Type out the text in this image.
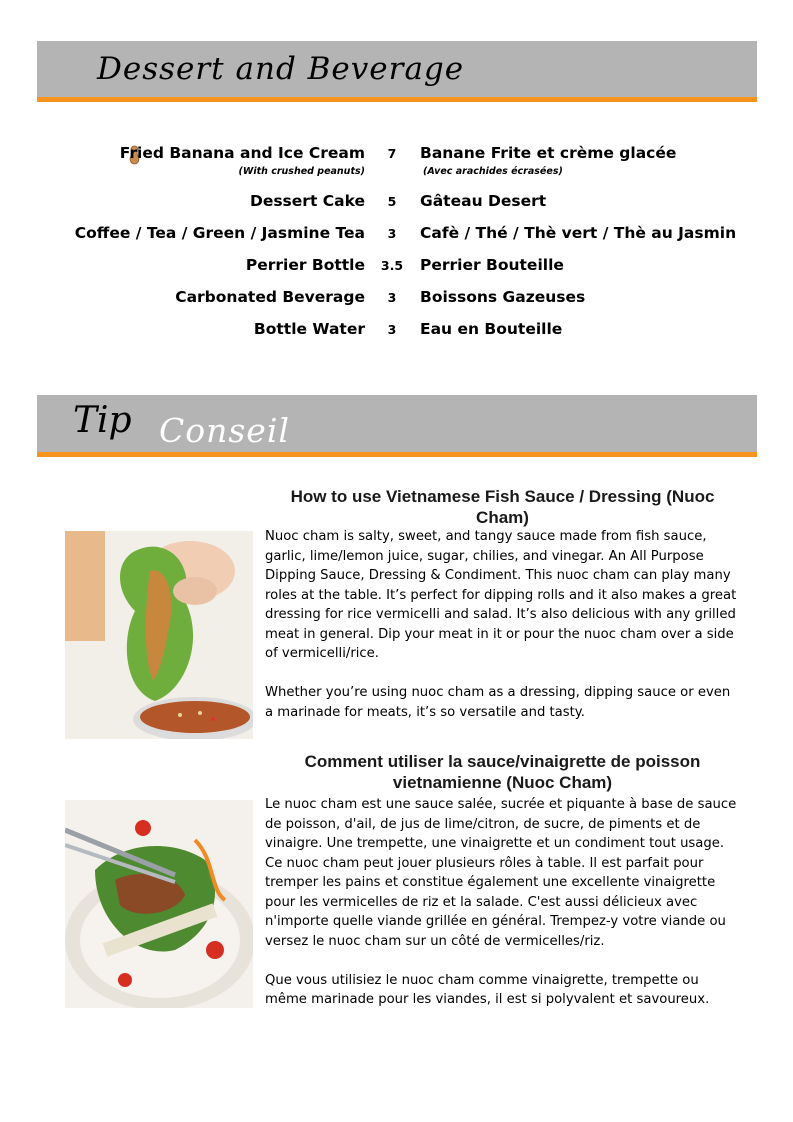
Dessert and Beverage
Fried Banana and Ice Cream	7	Banane Frite et crème glacée
(With crushed peanuts)	(Avec arachides écrasées)
Dessert Cake	5	Gâteau Desert
Coffee / Tea / Green / Jasmine Tea	3	Cafè / Thé / Thè vert / Thè au Jasmin
Perrier Bottle 3.5 Perrier Bouteille
Carbonated Beverage	3	Boissons Gazeuses
Bottle Water	3	Eau en Bouteille
Tip Conseil
How to use Vietnamese Fish Sauce / Dressing (Nuoc Cham)

Nuoc cham is salty, sweet, and tangy sauce made from fish sauce, garlic, lime/lemon juice, sugar, chilies, and vinegar. An All Purpose Dipping Sauce, Dressing & Condiment. This nuoc cham can play many roles at the table. It’s perfect for dipping rolls and it also makes a great dressing for rice vermicelli and salad. It’s also delicious with any grilled meat in general. Dip your meat in it or pour the nuoc cham over a side of vermicelli/rice.

Whether you’re using nuoc cham as a dressing, dipping sauce or even a marinade for meats, it’s so versatile and tasty.

Comment utiliser la sauce/vinaigrette de poisson vietnamienne (Nuoc Cham)

Le nuoc cham est une sauce salée, sucrée et piquante à base de sauce de poisson, d'ail, de jus de lime/citron, de sucre, de piments et de vinaigre. Une trempette, une vinaigrette et un condiment tout usage. Ce nuoc cham peut jouer plusieurs rôles à table. Il est parfait pour tremper les pains et constitue également une excellente vinaigrette pour les vermicelles de riz et la salade. C'est aussi délicieux avec n'importe quelle viande grillée en général. Trempez-y votre viande ou versez le nuoc cham sur un côté de vermicelles/riz.

Que vous utilisiez le nuoc cham comme vinaigrette, trempette ou même marinade pour les viandes, il est si polyvalent et savoureux.
